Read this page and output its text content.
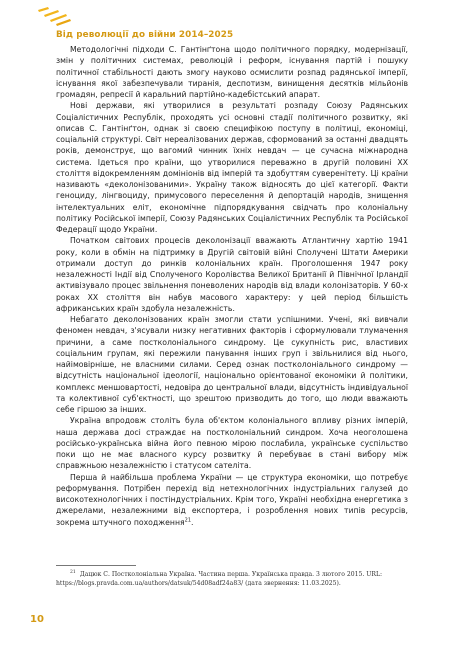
Від революції до війни 2014–2025

Методологічні підходи С. Гантінґтона щодо політичного порядку, модернізації, змін у політичних системах, революцій і реформ, існування партій і пошуку політичної стабільності дають змогу науково осмислити розпад радянської імперії, існування якої забезпечували тиранія, деспотизм, винищення десятків мільйонів громадян, репресії й каральний партійно-кадебістський апарат.

Нові держави, які утворилися в результаті розпаду Союзу Радянських Соціалістичних Республік, проходять усі основні стадії політичного розвитку, які описав С. Гантінґтон, однак зі своєю специфікою поступу в політиці, економіці, соціальній структурі. Світ нереалізованих держав, сформований за останні двадцять років, демонструє, що вагомий чинник їхніх невдач — це сучасна міжнародна система. Ідеться про країни, що утворилися переважно в другій половині XX століття відокремленням домініонів від імперій та здобуттям суверенітету. Ці країни називають «деколонізованими». Україну також відносять до цієї категорії. Факти геноциду, лінгвоциду, примусового переселення й депортацій народів, знищення інтелектуальних еліт, економічне підпорядкування свідчать про колоніальну політику Російської імперії, Союзу Радянських Соціалістичних Республік та Російської Федерації щодо України.

Початком світових процесів деколонізації вважають Атлантичну хартію 1941 року, коли в обмін на підтримку в Другій світовій війні Сполучені Штати Америки отримали доступ до ринків колоніальних країн. Проголошення 1947 року незалежності Індії від Сполученого Королівства Великої Британії й Північної Ірландії активізувало процес звільнення поневолених народів від влади колонізаторів. У 60-х роках XX століття він набув масового характеру: у цей період більшість африканських країн здобула незалежність.

Небагато деколонізованих країн змогли стати успішними. Учені, які вивчали феномен невдач, з'ясували низку негативних факторів і сформулювали тлумачення причини, а саме постколоніального синдрому. Це сукупність рис, властивих соціальним групам, які пережили панування інших груп і звільнилися від нього, найімовірніше, не власними силами. Серед ознак постколоніального синдрому — відсутність національної ідеології, національно орієнтованої економіки й політики, комплекс меншовартості, недовіра до центральної влади, відсутність індивідуальної та колективної суб'єктності, що зрештою призводить до того, що люди вважають себе гіршою за інших.

Україна впродовж століть була об'єктом колоніального впливу різних імперій, наша держава досі страждає на постколоніальний синдром. Хоча неоголошена російсько-українська війна його певною мірою послабила, українське суспільство поки що не має власного курсу розвитку й перебуває в стані вибору між справжньою незалежністю і статусом сателіта.

Перша й найбільша проблема України — це структура економіки, що потребує реформування. Потрібен перехід від нетехнологічних індустріальних галузей до високотехнологічних і постіндустріальних. Крім того, Україні необхідна енергетика з джерелами, незалежними від експортера, і розроблення нових типів ресурсів, зокрема штучного походження$^{21}$.

$^{21}$ Дацюк С. Постколоніальна Україна. Частина перша. Українська правда. 3 лютого 2015. URL: https://blogs.pravda.com.ua/authors/datsuk/54d08adf24a83/ (дата звернення: 11.03.2025).
10
